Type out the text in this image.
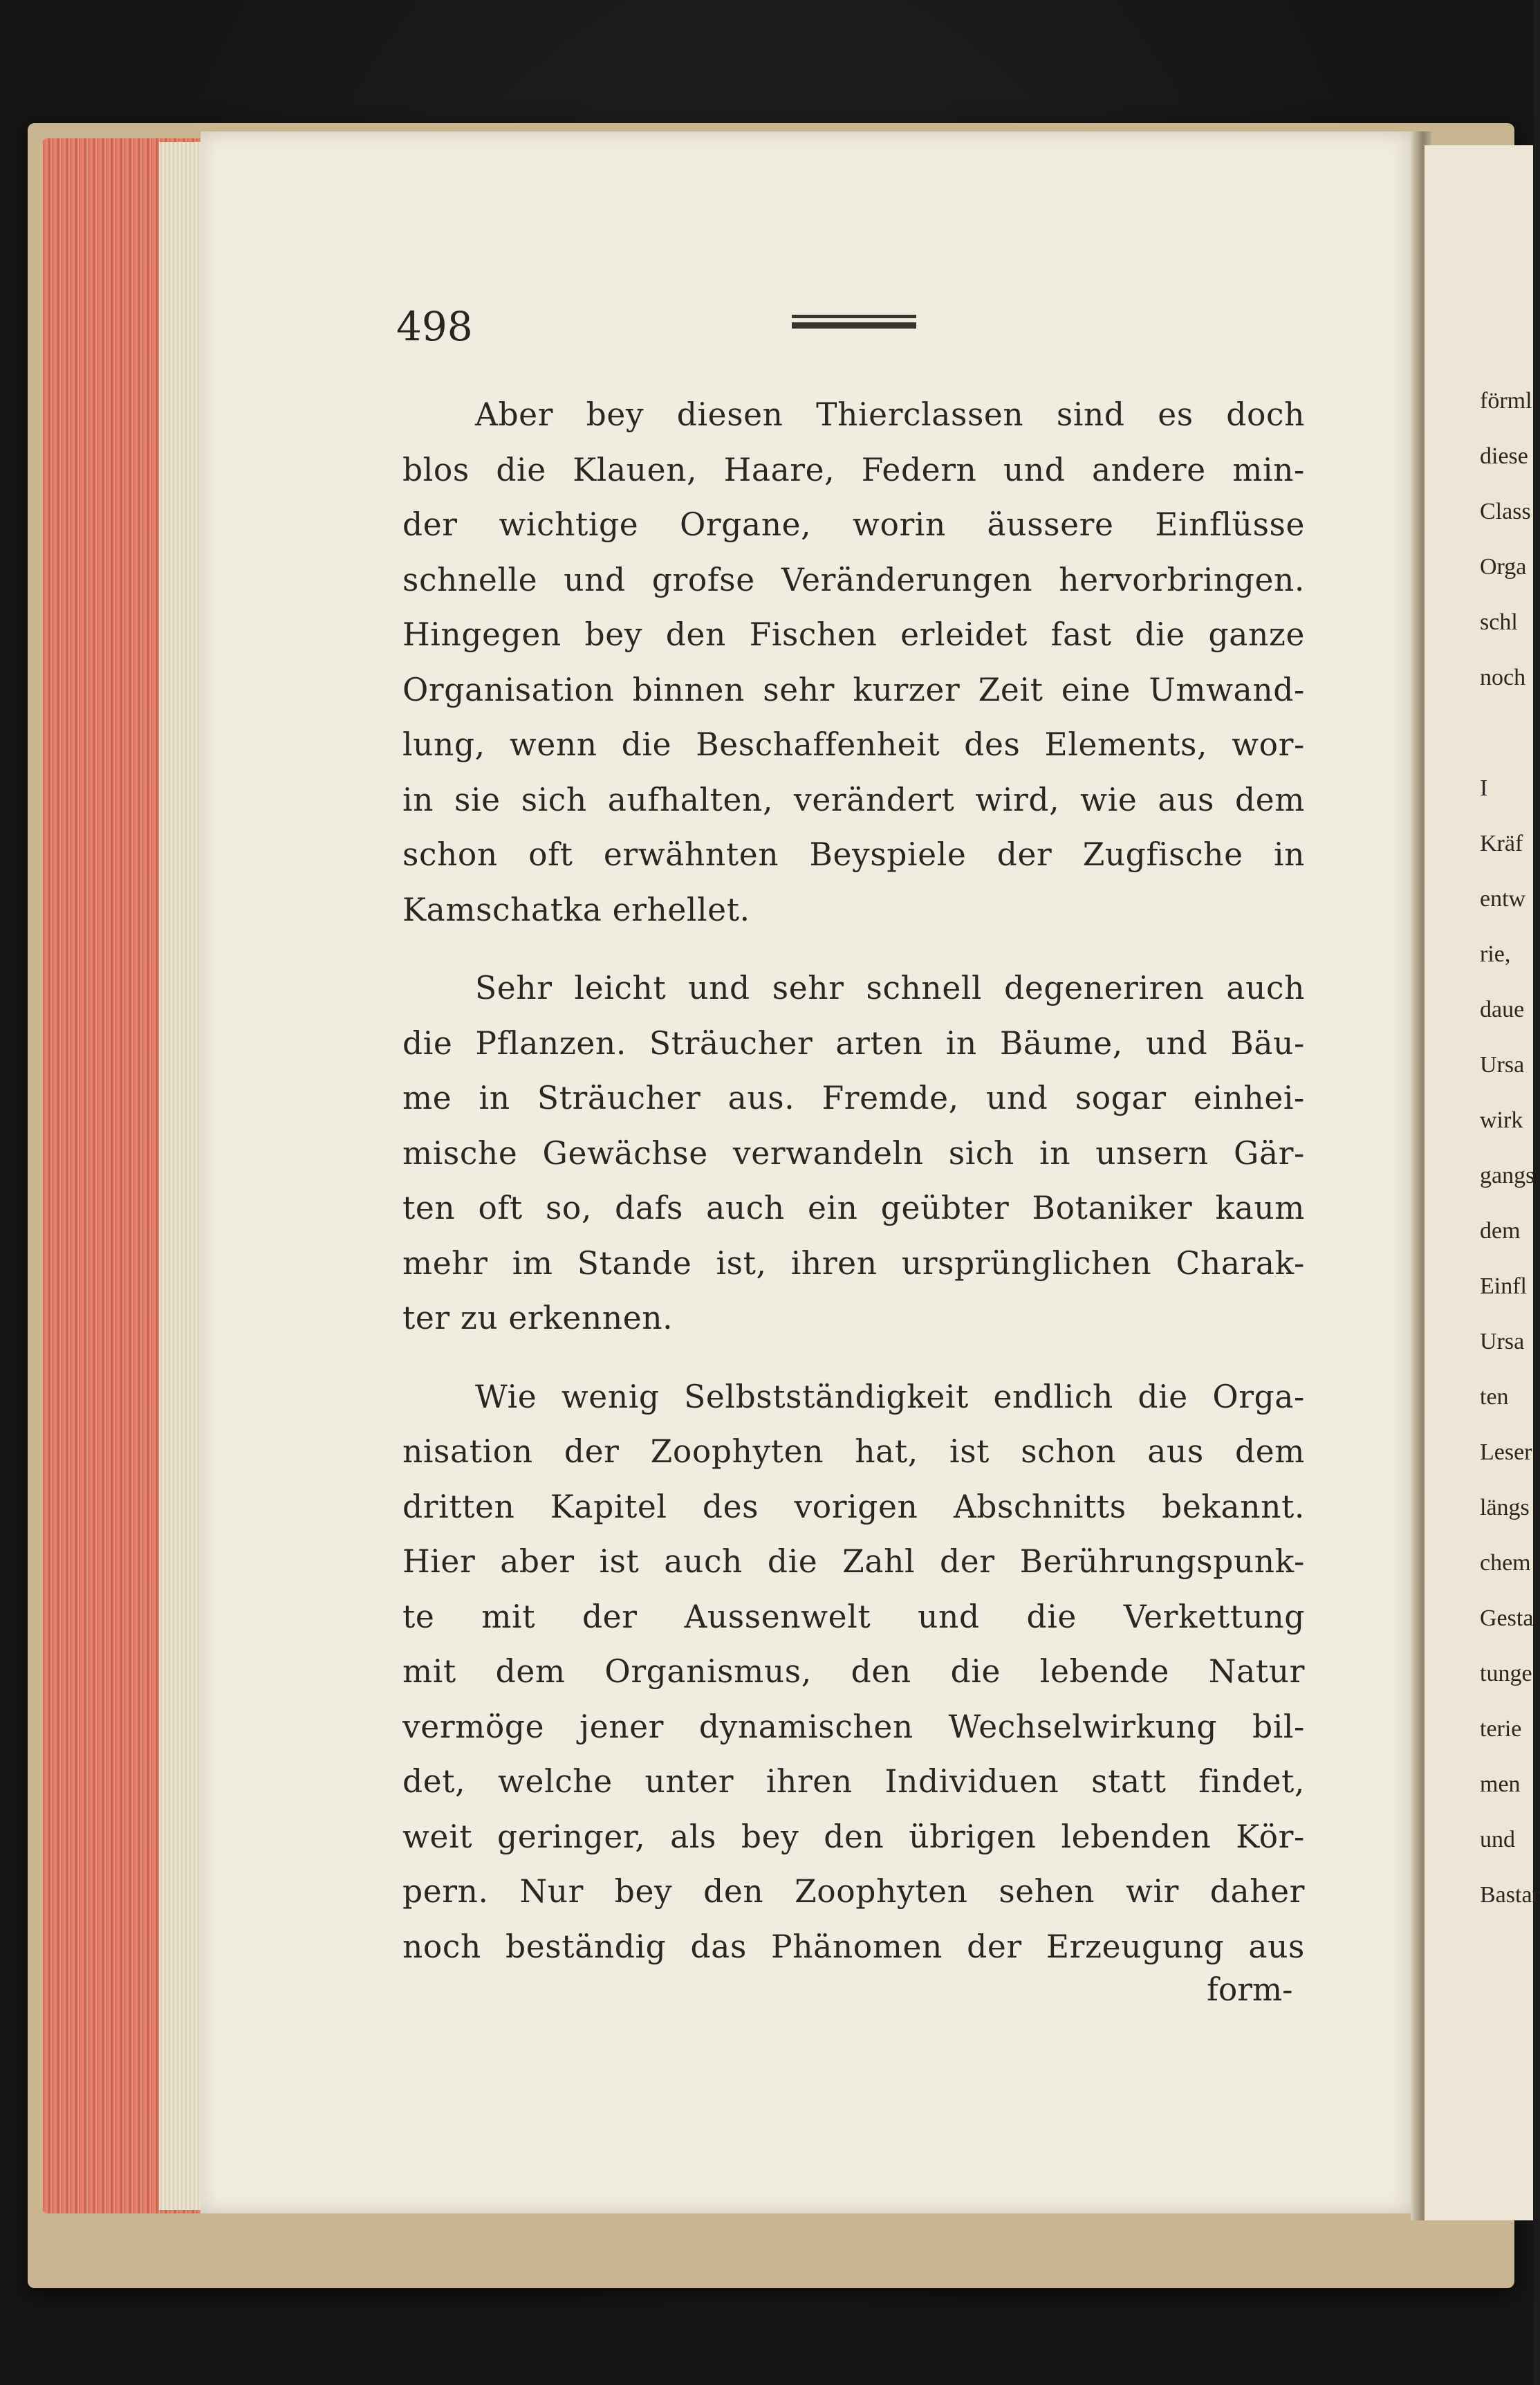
498
Aber bey diesen Thierclassen sind es doch
blos die Klauen, Haare, Federn und andere min-
der wichtige Organe, worin äussere Einflüsse
schnelle und grofse Veränderungen hervorbringen.
Hingegen bey den Fischen erleidet fast die ganze
Organisation binnen sehr kurzer Zeit eine Umwand-
lung, wenn die Beschaffenheit des Elements, wor-
in sie sich aufhalten, verändert wird, wie aus dem
schon oft erwähnten Beyspiele der Zugfische in
Kamschatka erhellet.
Sehr leicht und sehr schnell degeneriren auch
die Pflanzen. Sträucher arten in Bäume, und Bäu-
me in Sträucher aus. Fremde, und sogar einhei-
mische Gewächse verwandeln sich in unsern Gär-
ten oft so, dafs auch ein geübter Botaniker kaum
mehr im Stande ist, ihren ursprünglichen Charak-
ter zu erkennen.
Wie wenig Selbstständigkeit endlich die Orga-
nisation der Zoophyten hat, ist schon aus dem
dritten Kapitel des vorigen Abschnitts bekannt.
Hier aber ist auch die Zahl der Berührungspunk-
te mit der Aussenwelt und die Verkettung
mit dem Organismus, den die lebende Natur
vermöge jener dynamischen Wechselwirkung bil-
det, welche unter ihren Individuen statt findet,
weit geringer, als bey den übrigen lebenden Kör-
pern. Nur bey den Zoophyten sehen wir daher
noch beständig das Phänomen der Erzeugung aus
form-
förml
diese
Class
Orga
schl
noch
I
Kräf
entw
rie,
daue
Ursa
wirk
gangs
dem
Einfl
Ursa
ten
Leser
längs
chem
Gesta
tunge
terie
men
und
Bastar
